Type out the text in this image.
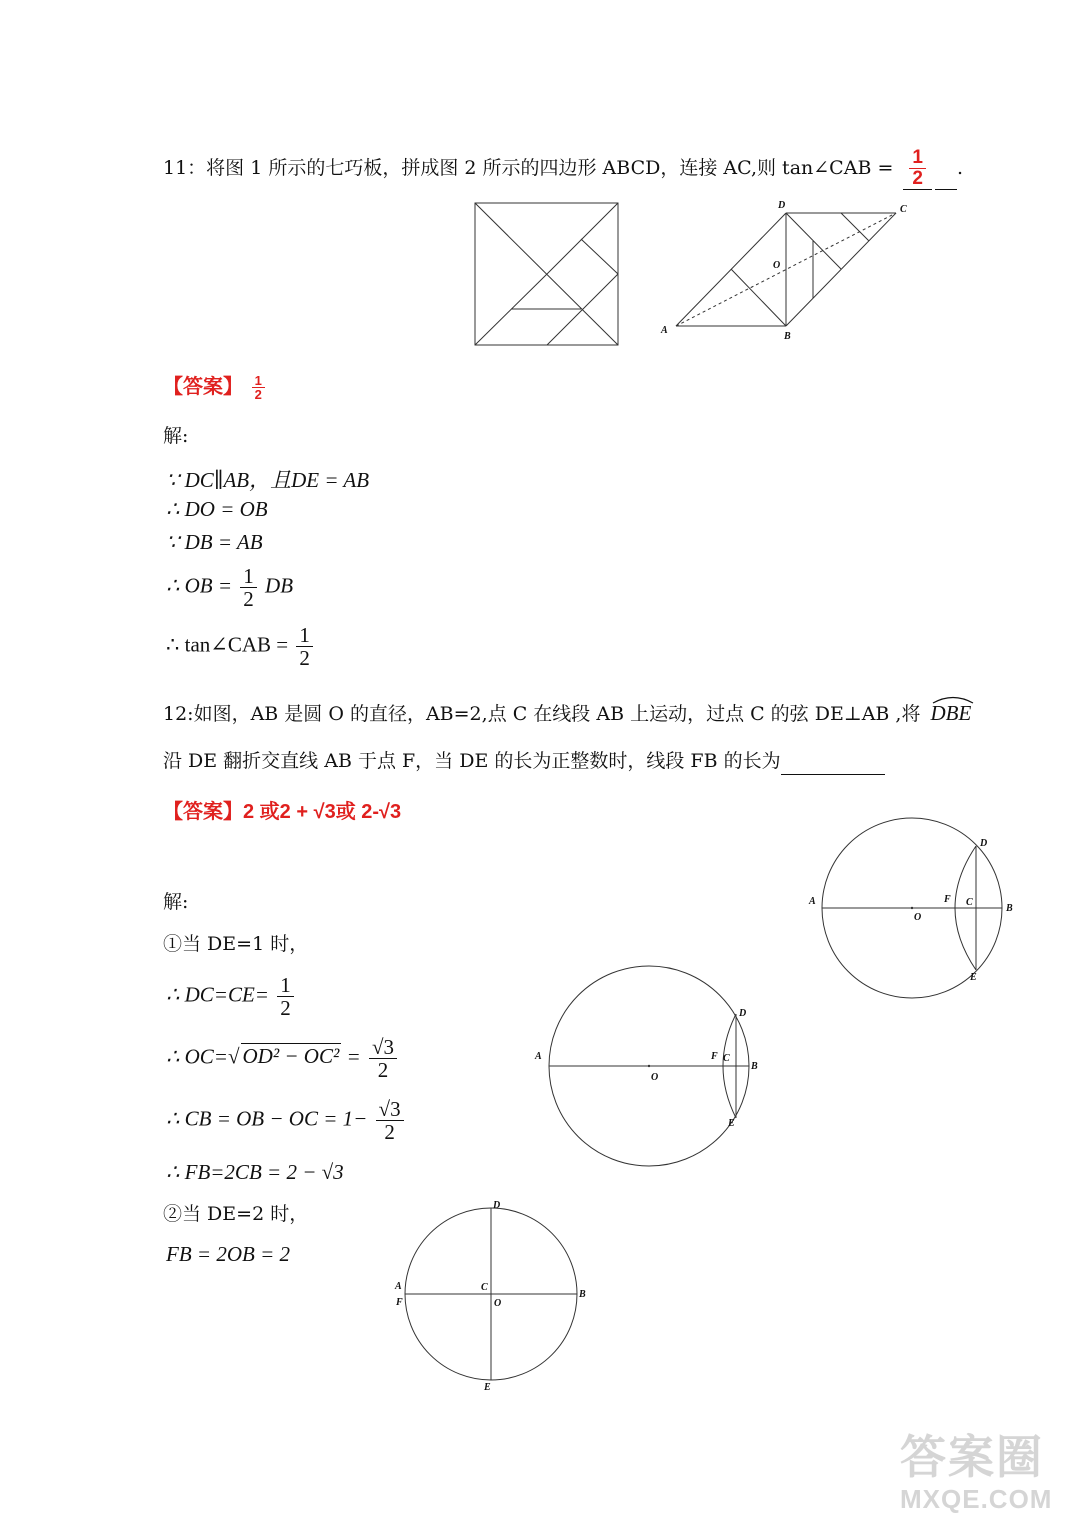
11：将图 1 所示的七巧板，拼成图 2 所示的四边形 ABCD，连接 AC,则 tan∠CAB = $\frac{1}{2}$ .
D	C
O
A
B
【答案】 $\frac{1}{2}$
解:
∵ DC∥AB，且DE = AB
∴ DO = OB
∵ DB = AB
∴ OB = $\frac{1}{2}$ DB
∴ tan∠CAB = $\frac{1}{2}$
12:如图，AB 是圆 O 的直径，AB=2,点 C 在线段 AB 上运动，过点 C 的弦 DE⊥AB ,将 DBE
沿 DE 翻折交直线 AB 于点 F，当 DE 的长为正整数时，线段 FB 的长为
【答案】2 或2 + √3或 2-√3
A
O
F C
B
D
E
解:
①当 DE=1 时，
∴ $DC=CE= \frac{1}{2}$
∴ OC=√ $OD^2 - OC^2 = \frac{√3}{2}$
∴ CB = OB − OC = $1- \frac{√3}{2}$
∴ FB=2CB = 2 − √3
②当 DE=2 时，
FB = 2OB = 2
A
O
F C
B
D
E
A
F
C
O
B
D
E
答案圈
MXQE.COM
